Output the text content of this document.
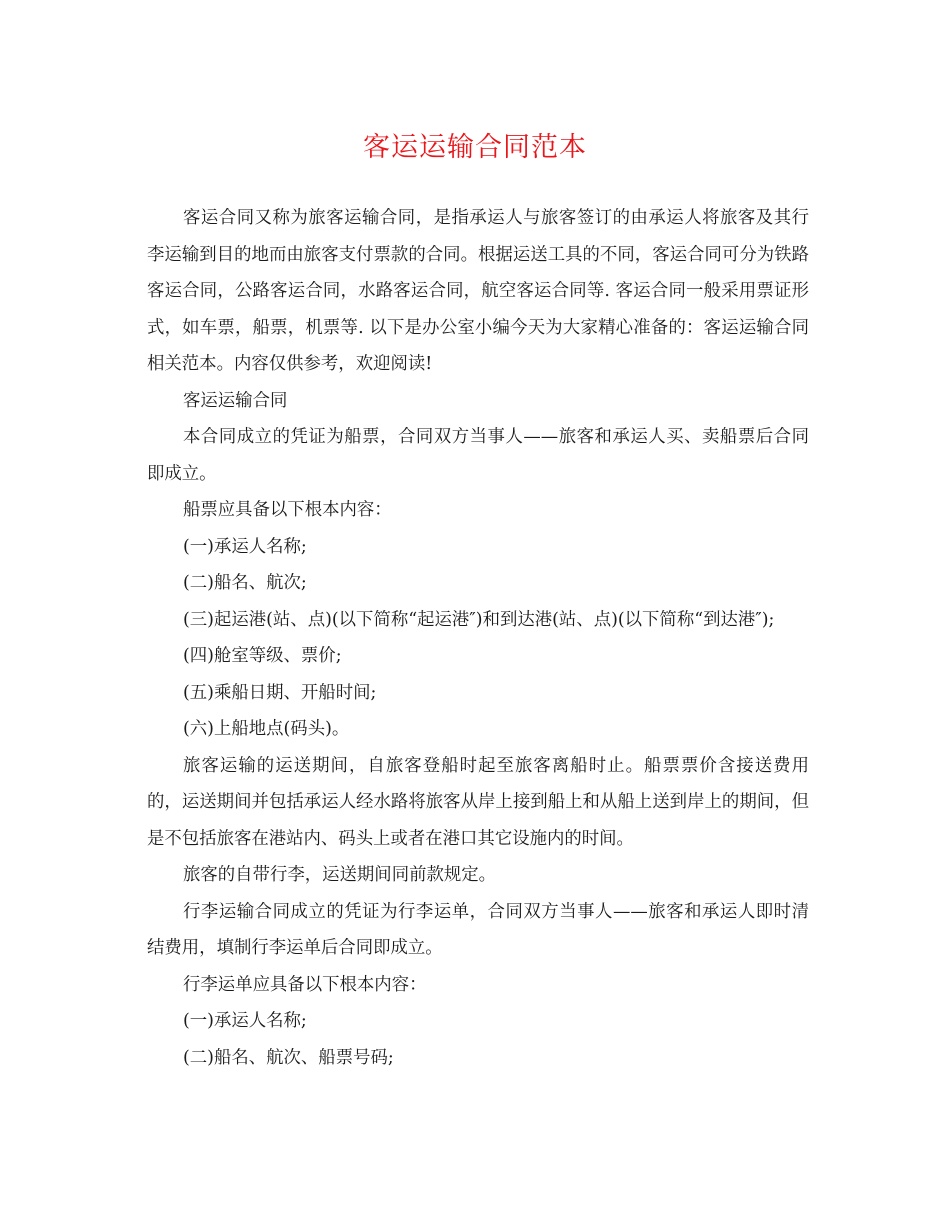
客运运输合同范本

客运合同又称为旅客运输合同，是指承运人与旅客签订的由承运人将旅客及其行李运输到目的地而由旅客支付票款的合同。根据运送工具的不同，客运合同可分为铁路客运合同，公路客运合同，水路客运合同，航空客运合同等. 客运合同一般采用票证形式，如车票，船票，机票等. 以下是办公室小编今天为大家精心准备的：客运运输合同相关范本。内容仅供参考，欢迎阅读!

客运运输合同

本合同成立的凭证为船票，合同双方当事人——旅客和承运人买、卖船票后合同即成立。

船票应具备以下根本内容：

(一)承运人名称;

(二)船名、航次;

(三)起运港(站、点)(以下简称“起运港″)和到达港(站、点)(以下简称“到达港″);

(四)舱室等级、票价;

(五)乘船日期、开船时间;

(六)上船地点(码头)。

旅客运输的运送期间，自旅客登船时起至旅客离船时止。船票票价含接送费用的，运送期间并包括承运人经水路将旅客从岸上接到船上和从船上送到岸上的期间，但是不包括旅客在港站内、码头上或者在港口其它设施内的时间。

旅客的自带行李，运送期间同前款规定。

行李运输合同成立的凭证为行李运单，合同双方当事人——旅客和承运人即时清结费用，填制行李运单后合同即成立。

行李运单应具备以下根本内容：

(一)承运人名称;

(二)船名、航次、船票号码;
